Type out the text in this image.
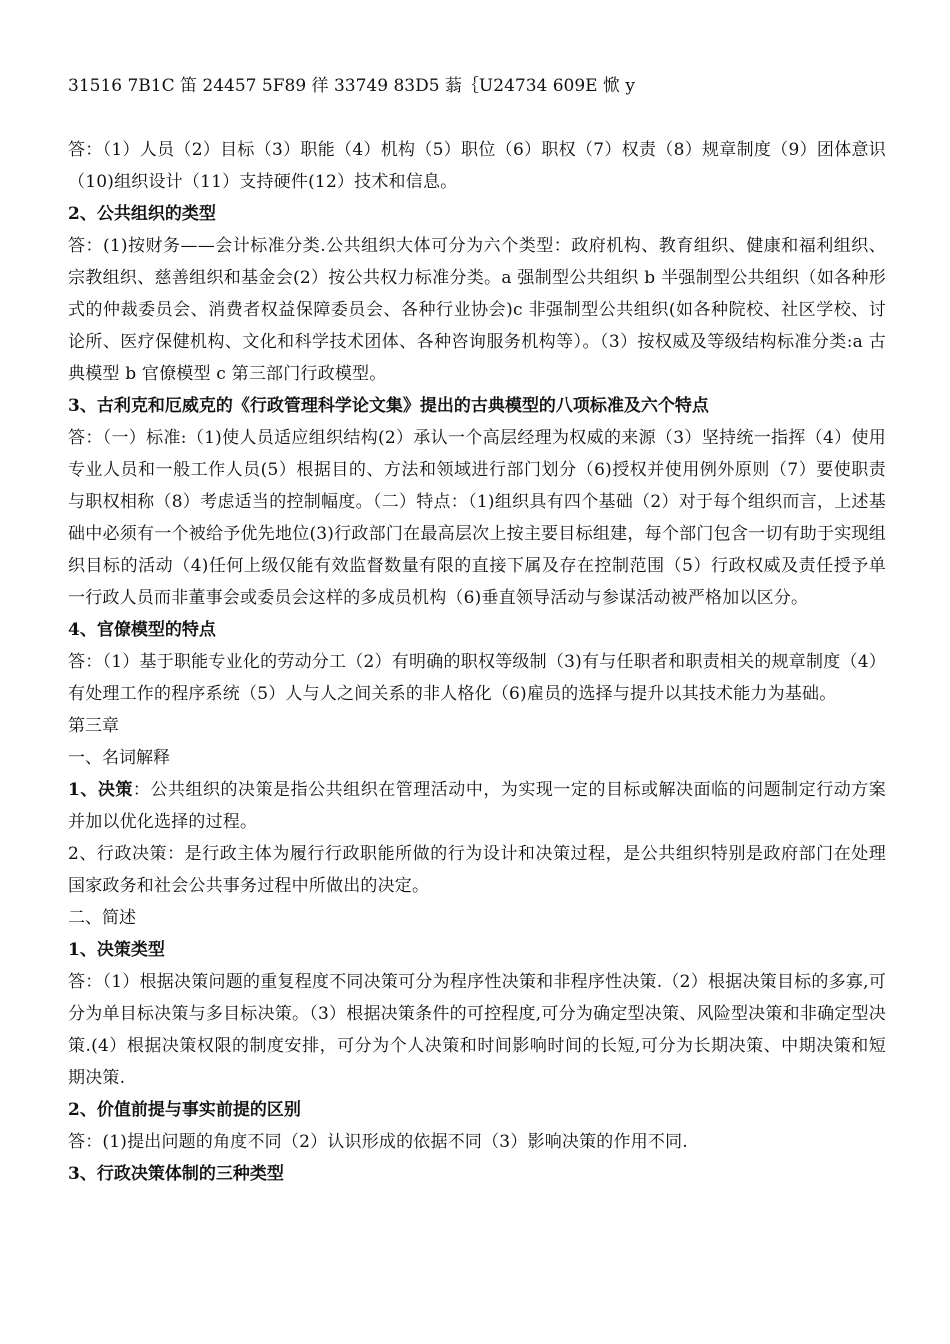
31516 7B1C 笛 24457 5F89 徉 33749 83D5 蓊｛U24734 609E 惞 y

答：（1）人员（2）目标（3）职能（4）机构（5）职位（6）职权（7）权责（8）规章制度（9）团体意识（10)组织设计（11）支持硬件(12）技术和信息。

2、公共组织的类型

答：(1)按财务——会计标准分类.公共组织大体可分为六个类型：政府机构、教育组织、健康和福利组织、宗教组织、慈善组织和基金会(2）按公共权力标准分类。a 强制型公共组织 b 半强制型公共组织（如各种形式的仲裁委员会、消费者权益保障委员会、各种行业协会)c 非强制型公共组织(如各种院校、社区学校、讨论所、医疗保健机构、文化和科学技术团体、各种咨询服务机构等）。（3）按权威及等级结构标准分类:a 古典模型 b 官僚模型 c 第三部门行政模型。

3、古利克和厄威克的《行政管理科学论文集》提出的古典模型的八项标准及六个特点

答：（一）标准:（1)使人员适应组织结构(2）承认一个高层经理为权威的来源（3）坚持统一指挥（4）使用专业人员和一般工作人员(5）根据目的、方法和领域进行部门划分（6)授权并使用例外原则（7）要使职责与职权相称（8）考虑适当的控制幅度。（二）特点：（1)组织具有四个基础（2）对于每个组织而言，上述基础中必须有一个被给予优先地位(3)行政部门在最高层次上按主要目标组建，每个部门包含一切有助于实现组织目标的活动（4)任何上级仅能有效监督数量有限的直接下属及存在控制范围（5）行政权威及责任授予单一行政人员而非董事会或委员会这样的多成员机构（6)垂直领导活动与参谋活动被严格加以区分。

4、官僚模型的特点

答：（1）基于职能专业化的劳动分工（2）有明确的职权等级制（3)有与任职者和职责相关的规章制度（4）有处理工作的程序系统（5）人与人之间关系的非人格化（6)雇员的选择与提升以其技术能力为基础。

第三章

一、名词解释

1、决策：公共组织的决策是指公共组织在管理活动中，为实现一定的目标或解决面临的问题制定行动方案并加以优化选择的过程。

2、行政决策：是行政主体为履行行政职能所做的行为设计和决策过程，是公共组织特别是政府部门在处理国家政务和社会公共事务过程中所做出的决定。

二、简述

1、决策类型

答：（1）根据决策问题的重复程度不同决策可分为程序性决策和非程序性决策.（2）根据决策目标的多寡,可分为单目标决策与多目标决策。（3）根据决策条件的可控程度,可分为确定型决策、风险型决策和非确定型决策.(4）根据决策权限的制度安排，可分为个人决策和时间影响时间的长短,可分为长期决策、中期决策和短期决策.

2、价值前提与事实前提的区别

答：(1)提出问题的角度不同（2）认识形成的依据不同（3）影响决策的作用不同.

3、行政决策体制的三种类型
